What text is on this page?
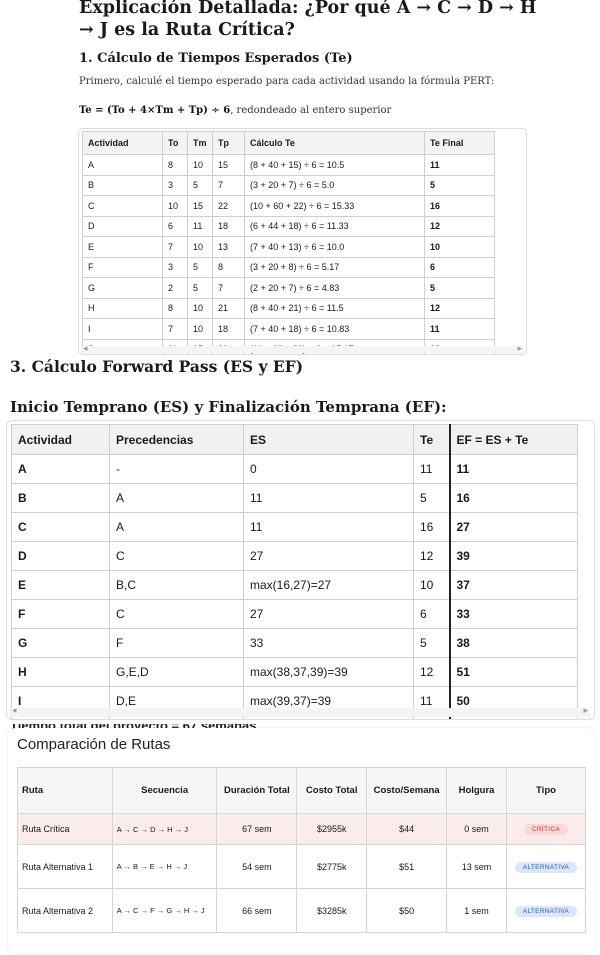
Explicación Detallada: ¿Por qué A → C → D → H → J es la Ruta Crítica?
1. Cálculo de Tiempos Esperados (Te)

Primero, calculé el tiempo esperado para cada actividad usando la fórmula PERT:

Te = (To + 4×Tm + Tp) ÷ 6, redondeado al entero superior

Actividad	To	Tm	Tp	Cálculo Te	Te Final
A	8	10	15	(8 + 40 + 15) ÷ 6 = 10.5	11
B	3	5	7	(3 + 20 + 7) ÷ 6 = 5.0	5
C	10	15	22	(10 + 60 + 22) ÷ 6 = 15.33	16
D	6	11	18	(6 + 44 + 18) ÷ 6 = 11.33	12
E	7	10	13	(7 + 40 + 13) ÷ 6 = 10.0	10
F	3	5	8	(3 + 20 + 8) ÷ 6 = 5.17	6
G	2	5	7	(2 + 20 + 7) ÷ 6 = 4.83	5
H	8	10	21	(8 + 40 + 21) ÷ 6 = 11.5	12
I	7	10	18	(7 + 40 + 18) ÷ 6 = 10.83	11

◂	▸
3. Cálculo Forward Pass (ES y EF)
Inicio Temprano (ES) y Finalización Temprana (EF):
Actividad	Precedencias	ES	Te	EF = ES + Te
A	-	0	11	11
B	A	11	5	16
C	A	11	16	27
D	C	27	12	39
E	B,C	max(16,27)=27	10	37
F	C	27	6	33
G	F	33	5	38
H	G,E,D	max(38,37,39)=39	12	51
I	D,E	max(39,37)=39	11	50

◂	▸
Comparación de Rutas
Ruta	Secuencia	Duración Total	Costo Total	Costo/Semana	Holgura	Tipo
Ruta Crítica	A → C → D → H → J	67 sem	$2955k	$44	0 sem	CRÍTICA
Ruta Alternativa 1	A → B → E → H → J	54 sem	$2775k	$51	13 sem	ALTERNATIVA
Ruta Alternativa 2	A → C → F → G → H → J	66 sem	$3285k	$50	1 sem	ALTERNATIVA
